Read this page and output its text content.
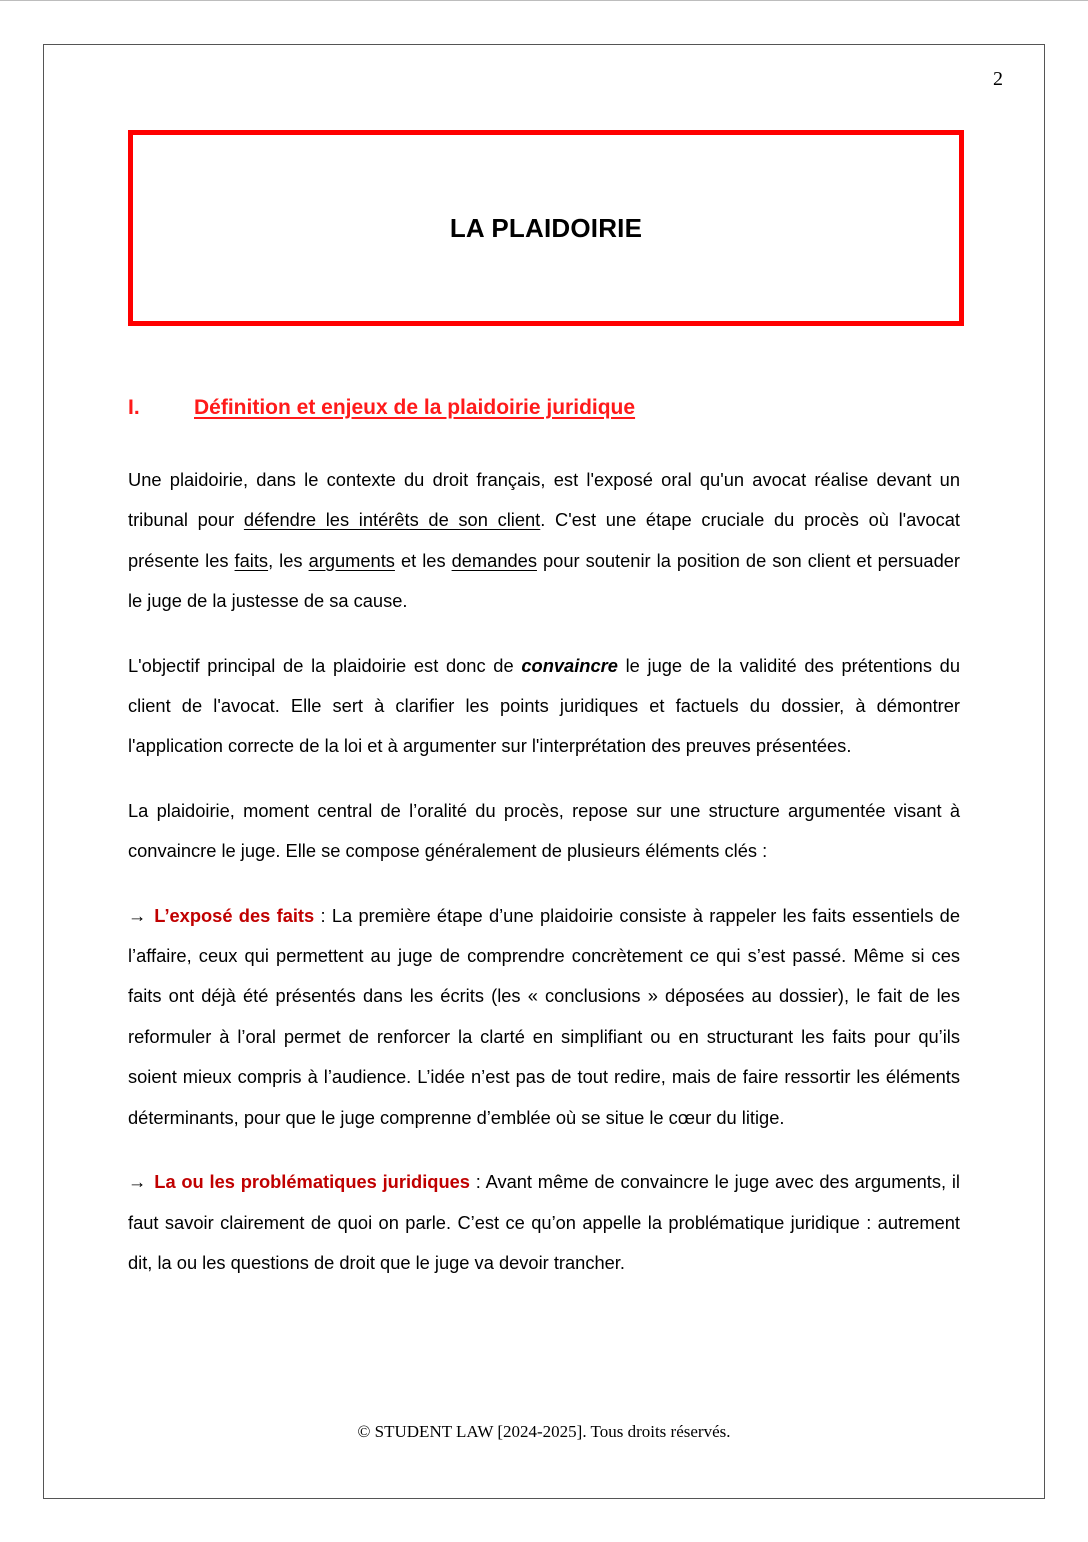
2
LA PLAIDOIRIE
I.	Définition et enjeux de la plaidoirie juridique

Une plaidoirie, dans le contexte du droit français, est l'exposé oral qu'un avocat réalise devant un tribunal pour défendre les intérêts de son client. C'est une étape cruciale du procès où l'avocat présente les faits, les arguments et les demandes pour soutenir la position de son client et persuader le juge de la justesse de sa cause.

L'objectif principal de la plaidoirie est donc de convaincre le juge de la validité des prétentions du client de l'avocat. Elle sert à clarifier les points juridiques et factuels du dossier, à démontrer l'application correcte de la loi et à argumenter sur l'interprétation des preuves présentées.

La plaidoirie, moment central de l’oralité du procès, repose sur une structure argumentée visant à convaincre le juge. Elle se compose généralement de plusieurs éléments clés :

→ L’exposé des faits : La première étape d’une plaidoirie consiste à rappeler les faits essentiels de l’affaire, ceux qui permettent au juge de comprendre concrètement ce qui s’est passé. Même si ces faits ont déjà été présentés dans les écrits (les « conclusions » déposées au dossier), le fait de les reformuler à l’oral permet de renforcer la clarté en simplifiant ou en structurant les faits pour qu’ils soient mieux compris à l’audience. L’idée n’est pas de tout redire, mais de faire ressortir les éléments déterminants, pour que le juge comprenne d’emblée où se situe le cœur du litige.

→ La ou les problématiques juridiques : Avant même de convaincre le juge avec des arguments, il faut savoir clairement de quoi on parle. C’est ce qu’on appelle la problématique juridique : autrement dit, la ou les questions de droit que le juge va devoir trancher.

© STUDENT LAW [2024-2025]. Tous droits réservés.
